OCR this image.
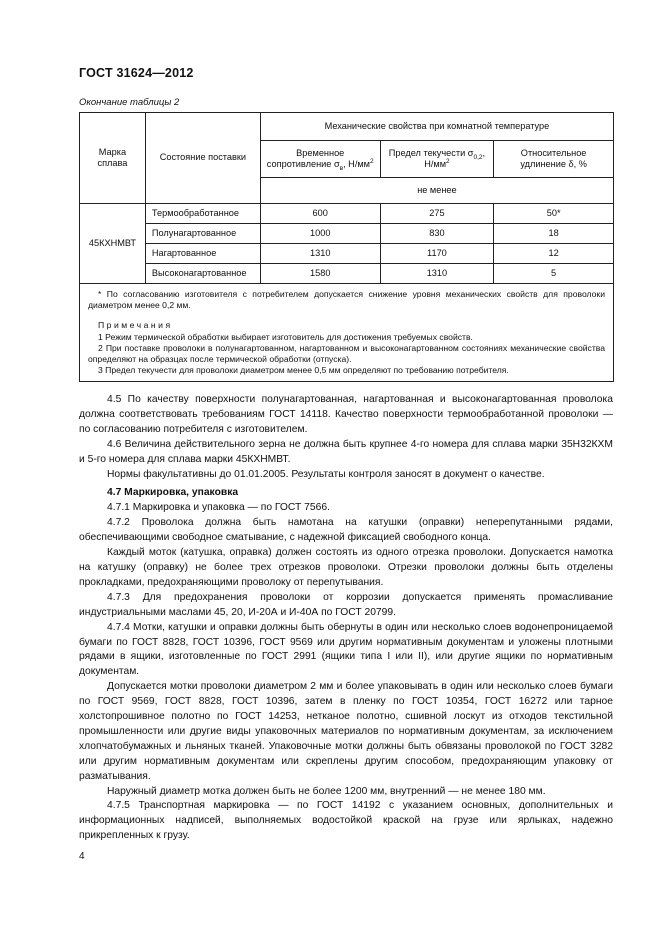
ГОСТ 31624—2012
Окончание таблицы 2
Марка сплава	Состояние поставки	Механические свойства при комнатной температуре		
		Временное сопротивление $\sigma_в$, $Н/мм^2$	Предел текучести $\sigma_{0,2}$, $Н/мм^2$	Относительное удлинение δ, %
		не менее		
45КХНМВТ	Термообработанное	600	275	50*
	Полунагартованное	1000	830	18
	Нагартованное	1310	1170	12
	Высоконагартованное	1580	1310	5

* По согласованию изготовителя с потребителем допускается снижение уровня механических свойств для проволоки диаметром менее 0,2 мм.

Примечания

1 Режим термической обработки выбирает изготовитель для достижения требуемых свойств.

2 При поставке проволоки в полунагартованном, нагартованном и высоконагартованном состояниях механические свойства определяют на образцах после термической обработки (отпуска).

3 Предел текучести для проволоки диаметром менее 0,5 мм определяют по требованию потребителя.				

4.5 По качеству поверхности полунагартованная, нагартованная и высоконагартованная проволока должна соответствовать требованиям ГОСТ 14118. Качество поверхности термообработанной проволоки — по согласованию потребителя с изготовителем.

4.6 Величина действительного зерна не должна быть крупнее 4-го номера для сплава марки 35Н32КХМ и 5-го номера для сплава марки 45КХНМВТ.

Нормы факультативны до 01.01.2005. Результаты контроля заносят в документ о качестве.

4.7 Маркировка, упаковка

4.7.1 Маркировка и упаковка — по ГОСТ 7566.

4.7.2 Проволока должна быть намотана на катушки (оправки) неперепутанными рядами, обеспечивающими свободное сматывание, с надежной фиксацией свободного конца.

Каждый моток (катушка, оправка) должен состоять из одного отрезка проволоки. Допускается намотка на катушку (оправку) не более трех отрезков проволоки. Отрезки проволоки должны быть отделены прокладками, предохраняющими проволоку от перепутывания.

4.7.3 Для предохранения проволоки от коррозии допускается применять промасливание индустриальными маслами 45, 20, И-20А и И-40А по ГОСТ 20799.

4.7.4 Мотки, катушки и оправки должны быть обернуты в один или несколько слоев водонепроницаемой бумаги по ГОСТ 8828, ГОСТ 10396, ГОСТ 9569 или другим нормативным документам и уложены плотными рядами в ящики, изготовленные по ГОСТ 2991 (ящики типа I или II), или другие ящики по нормативным документам.

Допускается мотки проволоки диаметром 2 мм и более упаковывать в один или несколько слоев бумаги по ГОСТ 9569, ГОСТ 8828, ГОСТ 10396, затем в пленку по ГОСТ 10354, ГОСТ 16272 или тарное холстопрошивное полотно по ГОСТ 14253, нетканое полотно, сшивной лоскут из отходов текстильной промышленности или другие виды упаковочных материалов по нормативным документам, за исключением хлопчатобумажных и льняных тканей. Упаковочные мотки должны быть обвязаны проволокой по ГОСТ 3282 или другим нормативным документам или скреплены другим способом, предохраняющим упаковку от разматывания.

Наружный диаметр мотка должен быть не более 1200 мм, внутренний — не менее 180 мм.

4.7.5 Транспортная маркировка — по ГОСТ 14192 с указанием основных, дополнительных и информационных надписей, выполняемых водостойкой краской на грузе или ярлыках, надежно прикрепленных к грузу.

4
